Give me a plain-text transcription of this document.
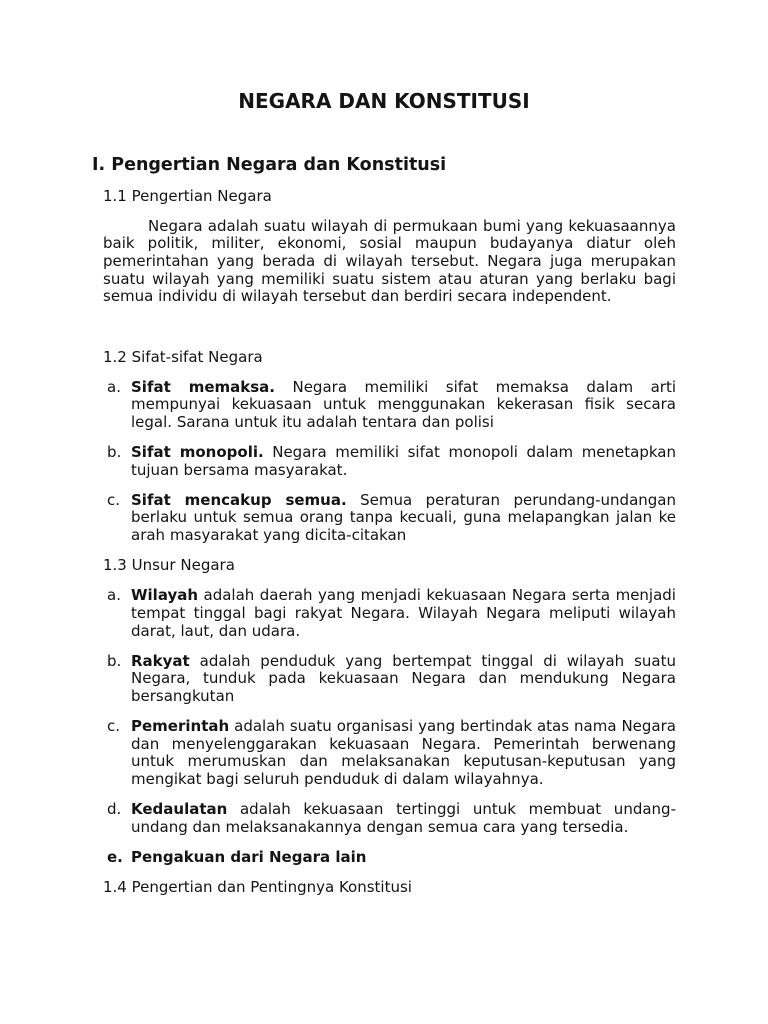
NEGARA DAN KONSTITUSI
I. Pengertian Negara dan Konstitusi
1.1 Pengertian Negara
Negara adalah suatu wilayah di permukaan bumi yang kekuasaannya
baik politik, militer, ekonomi, sosial maupun budayanya diatur oleh
pemerintahan yang berada di wilayah tersebut. Negara juga merupakan
suatu wilayah yang memiliki suatu sistem atau aturan yang berlaku bagi
semua individu di wilayah tersebut dan berdiri secara independent.
1.2 Sifat-sifat Negara
a. Sifat memaksa. Negara memiliki sifat memaksa dalam arti
mempunyai kekuasaan untuk menggunakan kekerasan fisik secara
legal. Sarana untuk itu adalah tentara dan polisi
b. Sifat monopoli. Negara memiliki sifat monopoli dalam menetapkan
tujuan bersama masyarakat.
c. Sifat mencakup semua. Semua peraturan perundang-undangan
berlaku untuk semua orang tanpa kecuali, guna melapangkan jalan ke
arah masyarakat yang dicita-citakan
1.3 Unsur Negara
a. Wilayah adalah daerah yang menjadi kekuasaan Negara serta menjadi
tempat tinggal bagi rakyat Negara. Wilayah Negara meliputi wilayah
darat, laut, dan udara.
b. Rakyat adalah penduduk yang bertempat tinggal di wilayah suatu
Negara, tunduk pada kekuasaan Negara dan mendukung Negara
bersangkutan
c. Pemerintah adalah suatu organisasi yang bertindak atas nama Negara
dan menyelenggarakan kekuasaan Negara. Pemerintah berwenang
untuk merumuskan dan melaksanakan keputusan-keputusan yang
mengikat bagi seluruh penduduk di dalam wilayahnya.
d. Kedaulatan adalah kekuasaan tertinggi untuk membuat undang-
undang dan melaksanakannya dengan semua cara yang tersedia.
e. Pengakuan dari Negara lain
1.4 Pengertian dan Pentingnya Konstitusi
